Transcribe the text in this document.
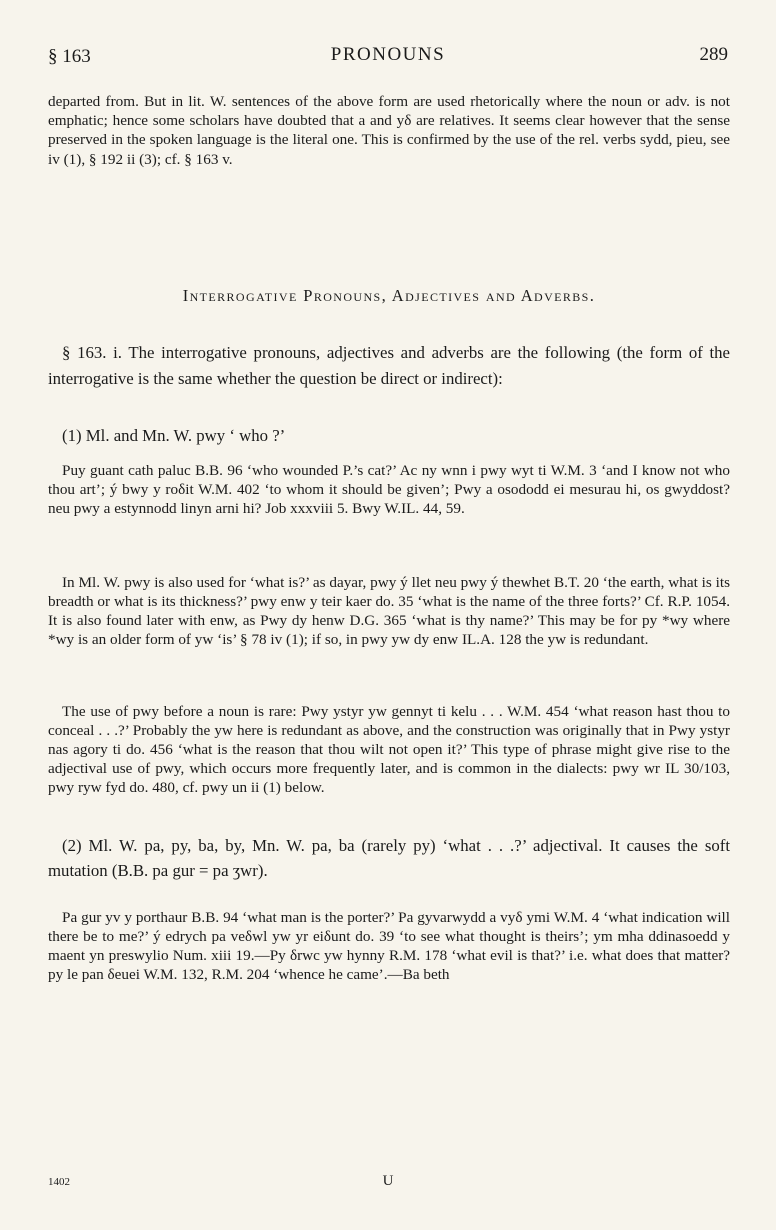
§ 163	PRONOUNS	289
departed from. But in lit. W. sentences of the above form are used rhetorically where the noun or adv. is not emphatic; hence some scholars have doubted that a and yδ are relatives. It seems clear however that the sense preserved in the spoken language is the literal one. This is confirmed by the use of the rel. verbs sydd, pieu, see iv (1), § 192 ii (3); cf. § 163 v.
Interrogative Pronouns, Adjectives and Adverbs.
§ 163. i. The interrogative pronouns, adjectives and adverbs are the following (the form of the interrogative is the same whether the question be direct or indirect):
(1) Ml. and Mn. W. pwy ‘ who ?’
Puy guant cath paluc B.B. 96 ‘who wounded P.’s cat?’ Ac ny wnn i pwy wyt ti W.M. 3 ‘and I know not who thou art’; ý bwy y roδit W.M. 402 ‘to whom it should be given’; Pwy a osododd ei mesurau hi, os gwyddost? neu pwy a estynnodd linyn arni hi? Job xxxviii 5. Bwy W.IL. 44, 59.
In Ml. W. pwy is also used for ‘what is?’ as dayar, pwy ý llet neu pwy ý thewhet B.T. 20 ‘the earth, what is its breadth or what is its thickness?’ pwy enw y teir kaer do. 35 ‘what is the name of the three forts?’ Cf. R.P. 1054. It is also found later with enw, as Pwy dy henw D.G. 365 ‘what is thy name?’ This may be for py *wy where *wy is an older form of yw ‘is’ § 78 iv (1); if so, in pwy yw dy enw IL.A. 128 the yw is redundant.
The use of pwy before a noun is rare: Pwy ystyr yw gennyt ti kelu . . . W.M. 454 ‘what reason hast thou to conceal . . .?’ Probably the yw here is redundant as above, and the construction was originally that in Pwy ystyr nas agory ti do. 456 ‘what is the reason that thou wilt not open it?’ This type of phrase might give rise to the adjectival use of pwy, which occurs more frequently later, and is common in the dialects: pwy wr IL 30/103, pwy ryw fyd do. 480, cf. pwy un ii (1) below.
(2) Ml. W. pa, py, ba, by, Mn. W. pa, ba (rarely py) ‘what . . .?’ adjectival. It causes the soft mutation (B.B. pa gur = pa ʒwr).
Pa gur yv y porthaur B.B. 94 ‘what man is the porter?’ Pa gyvarwydd a vyδ ymi W.M. 4 ‘what indication will there be to me?’ ý edrych pa veδwl yw yr eiδunt do. 39 ‘to see what thought is theirs’; ym mha ddinasoedd y maent yn preswylio Num. xiii 19.—Py δrwc yw hynny R.M. 178 ‘what evil is that?’ i.e. what does that matter? py le pan δeuei W.M. 132, R.M. 204 ‘whence he came’.—Ba beth
1402	U
